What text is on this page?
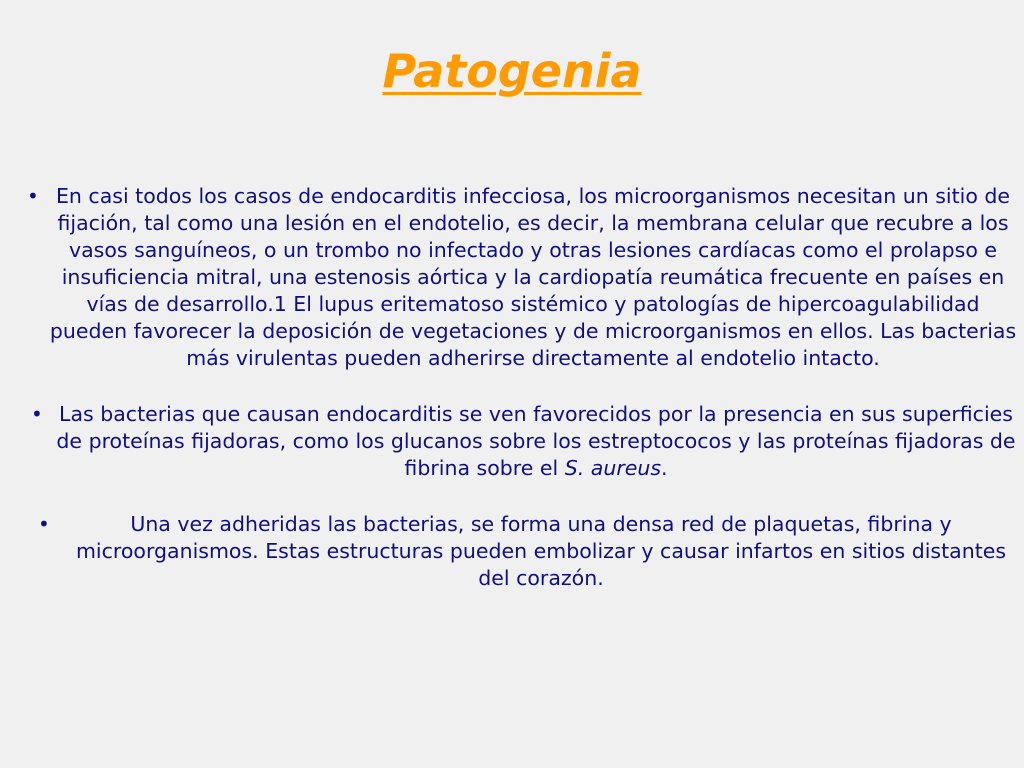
Patogenia
• En casi todos los casos de endocarditis infecciosa, los microorganismos necesitan un sitio de fijación, tal como una lesión en el endotelio, es decir, la membrana celular que recubre a los vasos sanguíneos, o un trombo no infectado y otras lesiones cardíacas como el prolapso e insuficiencia mitral, una estenosis aórtica y la cardiopatía reumática frecuente en países en vías de desarrollo.1 El lupus eritematoso sistémico y patologías de hipercoagulabilidad pueden favorecer la deposición de vegetaciones y de microorganismos en ellos. Las bacterias más virulentas pueden adherirse directamente al endotelio intacto.
• Las bacterias que causan endocarditis se ven favorecidos por la presencia en sus superficies de proteínas fijadoras, como los glucanos sobre los estreptococos y las proteínas fijadoras de fibrina sobre el S. aureus.
•	Una vez adheridas las bacterias, se forma una densa red de plaquetas, fibrina y microorganismos. Estas estructuras pueden embolizar y causar infartos en sitios distantes del corazón.
